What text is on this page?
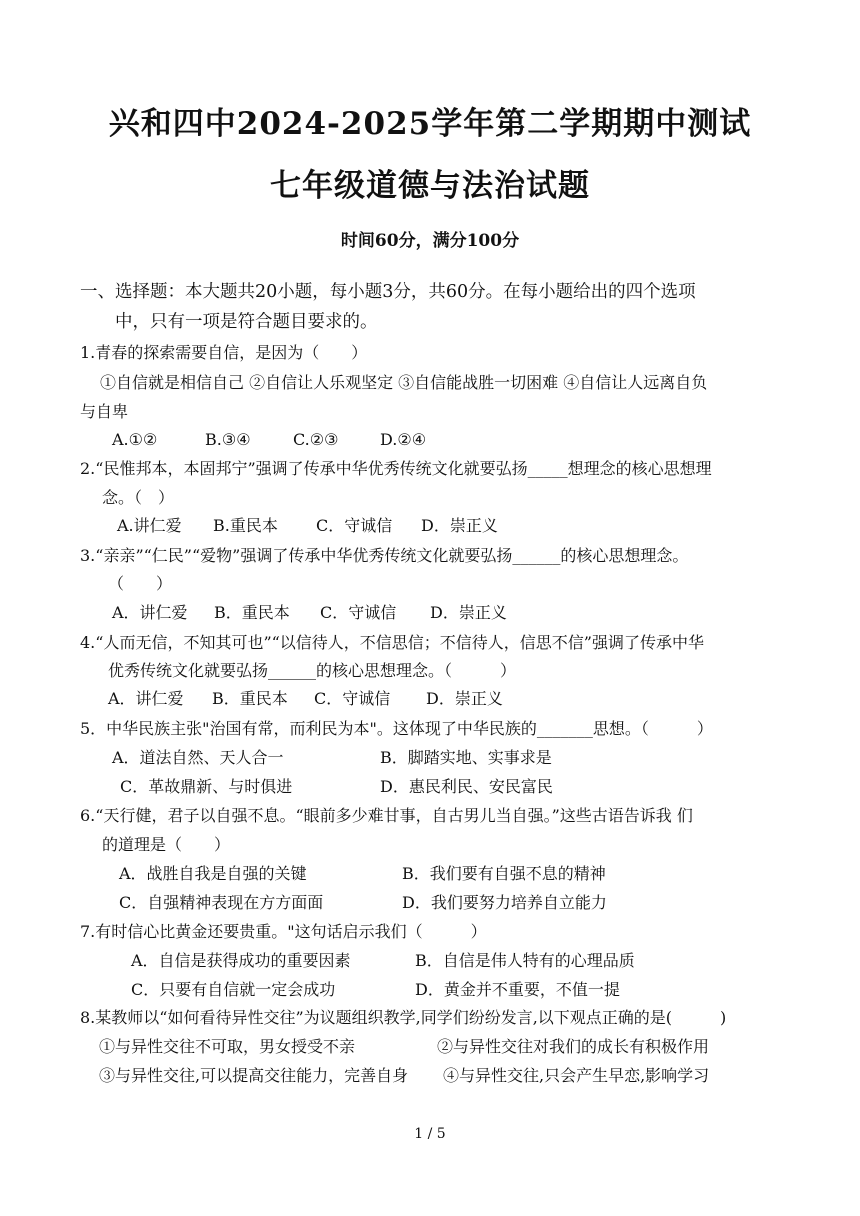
兴和四中2024-2025学年第二学期期中测试
七年级道德与法治试题
时间60分，满分100分
一、选择题：本大题共20小题，每小题3分，共60分。在每小题给出的四个选项
中，只有一项是符合题目要求的。
1.青春的探索需要自信，是因为（　　）
①自信就是相信自己 ②自信让人乐观坚定 ③自信能战胜一切困难 ④自信让人远离自负
与自卑
A.①②	B.③④	C.②③	D.②④
2.“民惟邦本，本固邦宁”强调了传承中华优秀传统文化就要弘扬_____想理念的核心思想理
念。（　）
A.讲仁爱 B.重民本 C．守诚信 D．崇正义
3.“亲亲”“仁民”“爱物”强调了传承中华优秀传统文化就要弘扬______的核心思想理念。
（　　）
A．讲仁爱 B．重民本 C．守诚信 D．崇正义
4.“人而无信，不知其可也”“以信待人，不信思信；不信待人，信思不信”强调了传承中华
优秀传统文化就要弘扬______的核心思想理念。（　　　）
A．讲仁爱 B．重民本 C．守诚信 D．崇正义
5．中华民族主张"治国有常，而利民为本"。这体现了中华民族的_______思想。（　　　）
A．道法自然、天人合一	B．脚踏实地、实事求是
C．革故鼎新、与时俱进	D．惠民利民、安民富民
6.“天行健，君子以自强不息。“眼前多少难甘事，自古男儿当自强。”这些古语告诉我 们
的道理是（　　）
A．战胜自我是自强的关键	B．我们要有自强不息的精神
C．自强精神表现在方方面面	D．我们要努力培养自立能力
7.有时信心比黄金还要贵重。"这句话启示我们（　　　）
A．自信是获得成功的重要因素	B．自信是伟人特有的心理品质
C．只要有自信就一定会成功	D．黄金并不重要，不值一提
8.某教师以“如何看待异性交往”为议题组织教学,同学们纷纷发言,以下观点正确的是(　　　)
①与异性交往不可取，男女授受不亲	②与异性交往对我们的成长有积极作用
③与异性交往,可以提高交往能力，完善自身 ④与异性交往,只会产生早恋,影响学习
1 / 5
